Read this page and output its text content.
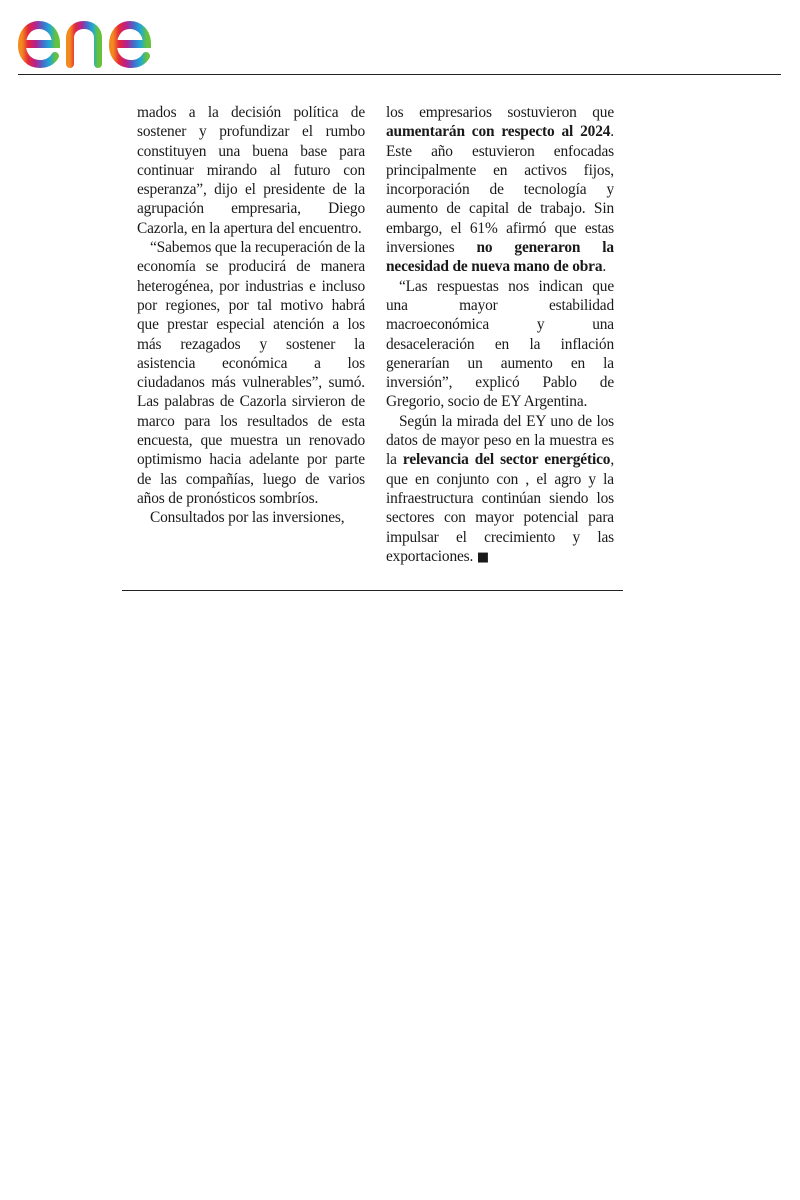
mados a la decisión política de sostener y profundizar el rumbo constituyen una buena base para continuar mirando al futuro con esperanza”, dijo el presidente de la agrupación empresaria, Diego Cazorla, en la apertura del encuentro.

“Sabemos que la recuperación de la economía se producirá de manera heterogénea, por industrias e incluso por regiones, por tal motivo habrá que prestar especial atención a los más rezagados y sostener la asistencia económica a los ciudadanos más vulnerables”, sumó. Las palabras de Cazorla sirvieron de marco para los resultados de esta encuesta, que muestra un renovado optimismo hacia adelante por parte de las compañías, luego de varios años de pronósticos sombríos.

Consultados por las inversiones,

los empresarios sostuvieron que aumentarán con respecto al 2024. Este año estuvieron enfocadas principalmente en activos fijos, incorporación de tecnología y aumento de capital de trabajo. Sin embargo, el 61% afirmó que estas inversiones no generaron la necesidad de nueva mano de obra.

“Las respuestas nos indican que una mayor estabilidad macroeconómica y una desaceleración en la inflación generarían un aumento en la inversión”, explicó Pablo de Gregorio, socio de EY Argentina.

Según la mirada del EY uno de los datos de mayor peso en la muestra es la relevancia del sector energético, que en conjunto con , el agro y la infraestructura continúan siendo los sectores con mayor potencial para impulsar el crecimiento y las exportaciones. ■
